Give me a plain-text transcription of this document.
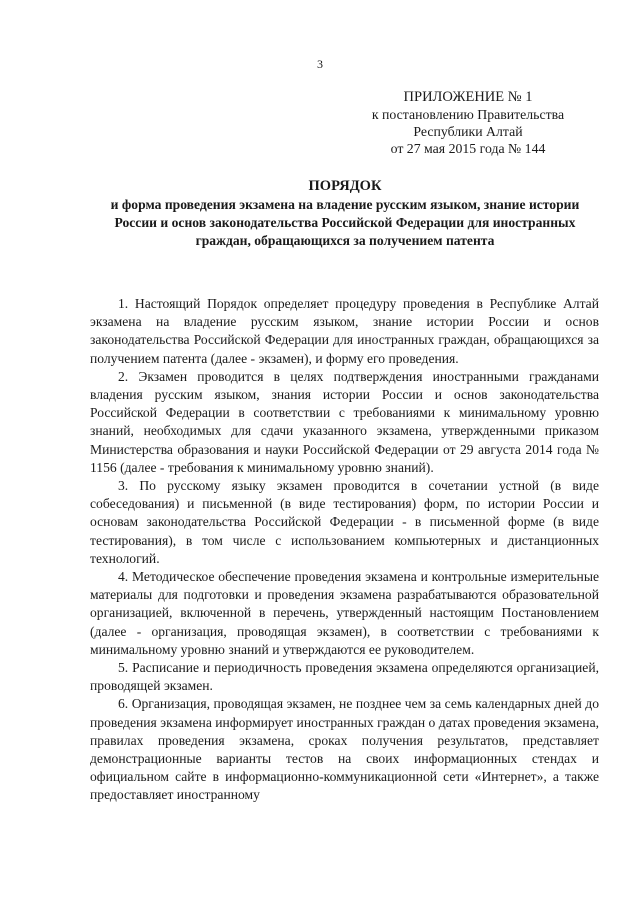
3
ПРИЛОЖЕНИЕ № 1
к постановлению Правительства
Республики Алтай
от 27 мая 2015 года № 144
ПОРЯДОК
и форма проведения экзамена на владение русским языком, знание истории России и основ законодательства Российской Федерации для иностранных граждан, обращающихся за получением патента

1. Настоящий Порядок определяет процедуру проведения в Республике Алтай экзамена на владение русским языком, знание истории России и основ законодательства Российской Федерации для иностранных граждан, обращающихся за получением патента (далее - экзамен), и форму его проведения.

2. Экзамен проводится в целях подтверждения иностранными гражданами владения русским языком, знания истории России и основ законодательства Российской Федерации в соответствии с требованиями к минимальному уровню знаний, необходимых для сдачи указанного экзамена, утвержденными приказом Министерства образования и науки Российской Федерации от 29 августа 2014 года № 1156 (далее - требования к минимальному уровню знаний).

3. По русскому языку экзамен проводится в сочетании устной (в виде собеседования) и письменной (в виде тестирования) форм, по истории России и основам законодательства Российской Федерации - в письменной форме (в виде тестирования), в том числе с использованием компьютерных и дистанционных технологий.

4. Методическое обеспечение проведения экзамена и контрольные измерительные материалы для подготовки и проведения экзамена разрабатываются образовательной организацией, включенной в перечень, утвержденный настоящим Постановлением (далее - организация, проводящая экзамен), в соответствии с требованиями к минимальному уровню знаний и утверждаются ее руководителем.

5. Расписание и периодичность проведения экзамена определяются организацией, проводящей экзамен.

6. Организация, проводящая экзамен, не позднее чем за семь календарных дней до проведения экзамена информирует иностранных граждан о датах проведения экзамена, правилах проведения экзамена, сроках получения результатов, представляет демонстрационные варианты тестов на своих информационных стендах и официальном сайте в информационно-коммуникационной сети «Интернет», а также предоставляет иностранному
